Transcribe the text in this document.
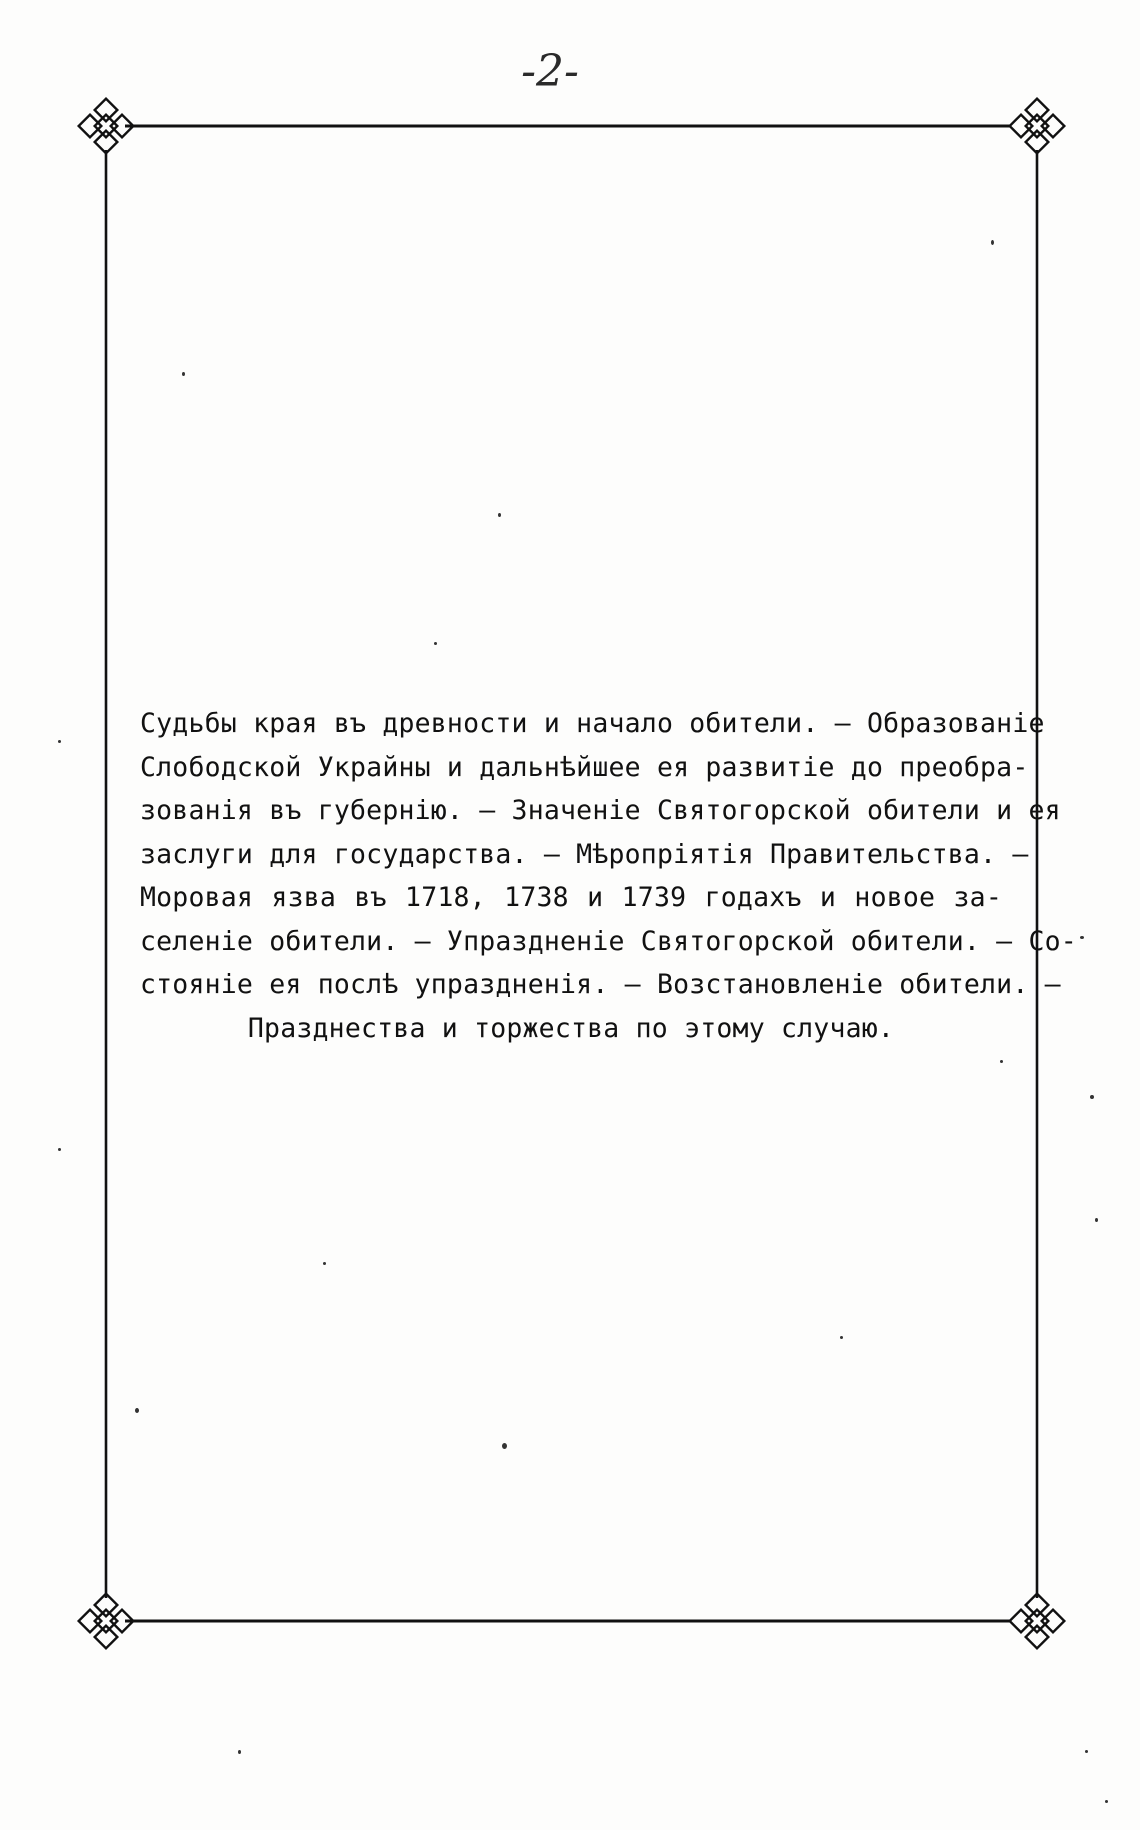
-2-
Судьбы края въ древности и начало обители. — Образованіе
Слободской Украйны и дальнѣйшее ея развитіе до преобра-
зованія въ губернію. — Значеніе Святогорской обители и ея
заслуги для государства. — Мѣропріятія Правительства. —
Моровая язва въ 1718, 1738 и 1739 годахъ и новое за-
селеніе обители. — Упраздненіе Святогорской обители. — Со-
стояніе ея послѣ упраздненія. — Возстановленіе обители. —
Празднества и торжества по этому случаю.
